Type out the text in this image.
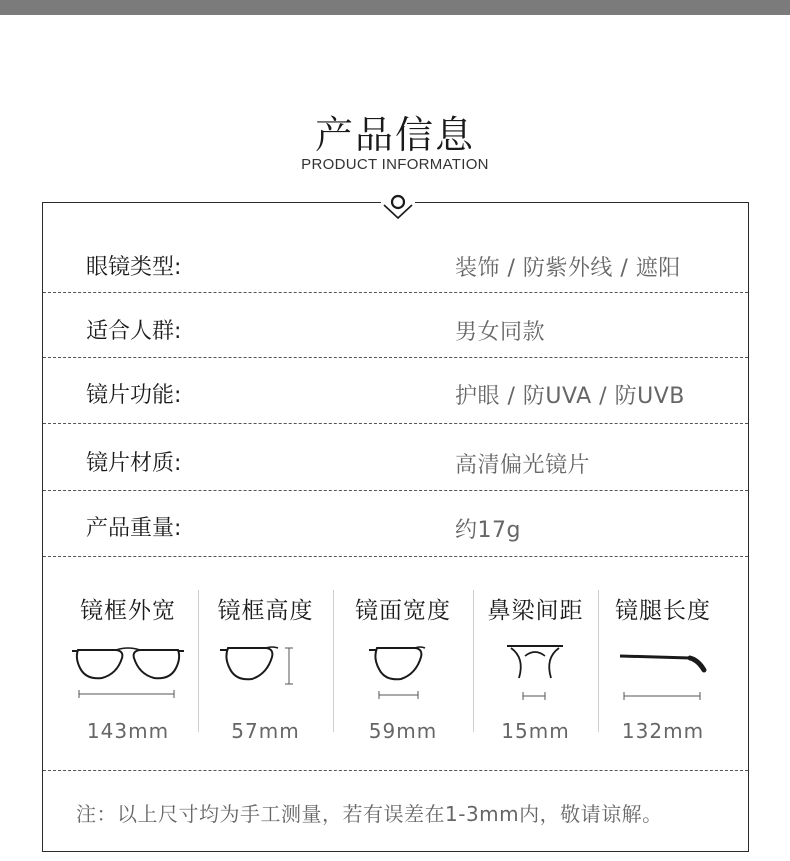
产品信息
PRODUCT INFORMATION
眼镜类型:	装饰 / 防紫外线 / 遮阳
适合人群:	男女同款
镜片功能:	护眼 / 防UVA / 防UVB
镜片材质:	高清偏光镜片
产品重量:	约17g
镜框外宽
143mm
镜框高度
57mm
镜面宽度
59mm
鼻梁间距
15mm
镜腿长度
132mm
注：以上尺寸均为手工测量，若有误差在1-3mm内，敬请谅解。
